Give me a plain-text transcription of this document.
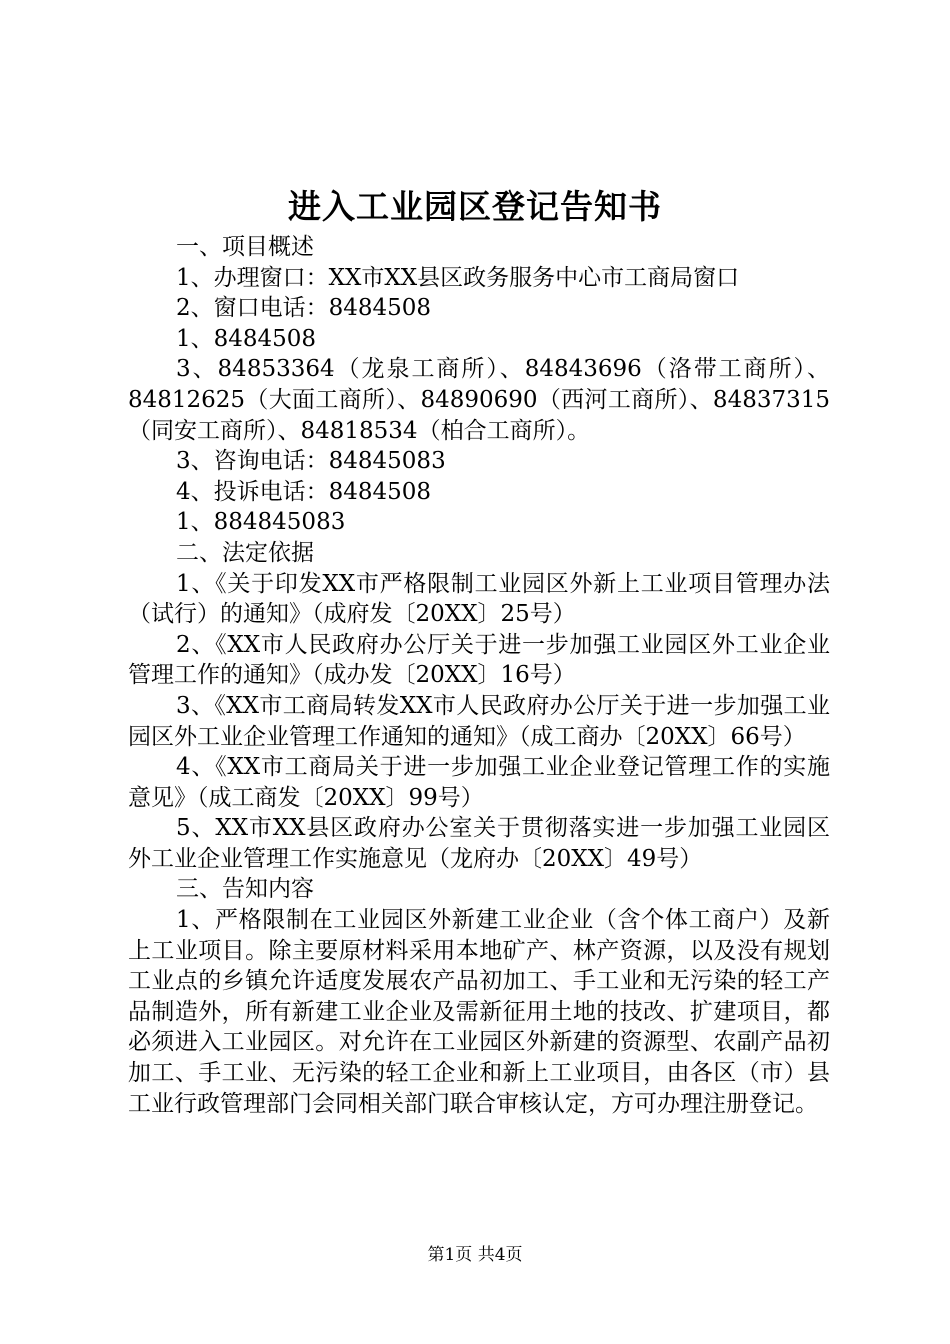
进入工业园区登记告知书

一、项目概述

1、办理窗口：XX市XX县区政务服务中心市工商局窗口

2、窗口电话：8484508

1、8484508

3、84853364（龙泉工商所）、84843696（洛带工商所）、84812625（大面工商所）、84890690（西河工商所）、84837315（同安工商所）、84818534（柏合工商所）。

3、咨询电话：84845083

4、投诉电话：8484508

1、884845083

二、法定依据

1、《关于印发XX市严格限制工业园区外新上工业项目管理办法（试行）的通知》（成府发〔20XX〕25号）

2、《XX市人民政府办公厅关于进一步加强工业园区外工业企业管理工作的通知》（成办发〔20XX〕16号）

3、《XX市工商局转发XX市人民政府办公厅关于进一步加强工业园区外工业企业管理工作通知的通知》（成工商办〔20XX〕66号）

4、《XX市工商局关于进一步加强工业企业登记管理工作的实施意见》（成工商发〔20XX〕99号）

5、XX市XX县区政府办公室关于贯彻落实进一步加强工业园区外工业企业管理工作实施意见（龙府办〔20XX〕49号）

三、告知内容

1、严格限制在工业园区外新建工业企业（含个体工商户）及新上工业项目。除主要原材料采用本地矿产、林产资源，以及没有规划工业点的乡镇允许适度发展农产品初加工、手工业和无污染的轻工产品制造外，所有新建工业企业及需新征用土地的技改、扩建项目，都必须进入工业园区。对允许在工业园区外新建的资源型、农副产品初加工、手工业、无污染的轻工企业和新上工业项目，由各区（市）县工业行政管理部门会同相关部门联合审核认定，方可办理注册登记。

第1页 共4页
